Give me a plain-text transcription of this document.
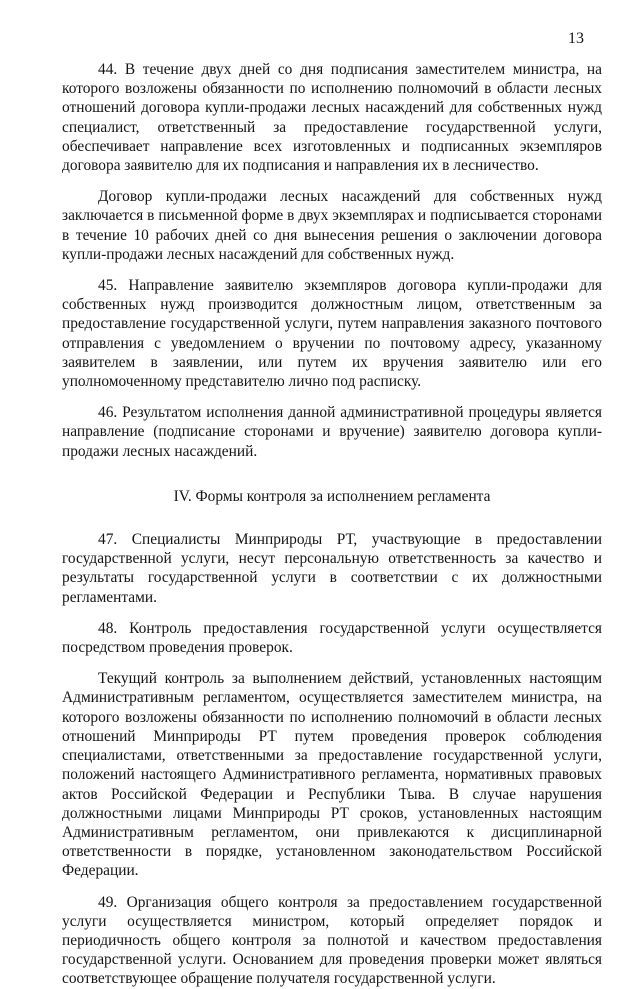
13

44. В течение двух дней со дня подписания заместителем министра, на которого возложены обязанности по исполнению полномочий в области лесных отношений договора купли-продажи лесных насаждений для собственных нужд специалист, ответственный за предоставление государственной услуги, обеспечивает направление всех изготовленных и подписанных экземпляров договора заявителю для их подписания и направления их в лесничество.

Договор купли-продажи лесных насаждений для собственных нужд заключается в письменной форме в двух экземплярах и подписывается сторонами в течение 10 рабочих дней со дня вынесения решения о заключении договора купли-продажи лесных насаждений для собственных нужд.

45. Направление заявителю экземпляров договора купли-продажи для собственных нужд производится должностным лицом, ответственным за предоставление государственной услуги, путем направления заказного почтового отправления с уведомлением о вручении по почтовому адресу, указанному заявителем в заявлении, или путем их вручения заявителю или его уполномоченному представителю лично под расписку.

46. Результатом исполнения данной административной процедуры является направление (подписание сторонами и вручение) заявителю договора купли-продажи лесных насаждений.

IV. Формы контроля за исполнением регламента

47. Специалисты Минприроды РТ, участвующие в предоставлении государственной услуги, несут персональную ответственность за качество и результаты государственной услуги в соответствии с их должностными регламентами.

48. Контроль предоставления государственной услуги осуществляется посредством проведения проверок.

Текущий контроль за выполнением действий, установленных настоящим Административным регламентом, осуществляется заместителем министра, на которого возложены обязанности по исполнению полномочий в области лесных отношений Минприроды РТ путем проведения проверок соблюдения специалистами, ответственными за предоставление государственной услуги, положений настоящего Административного регламента, нормативных правовых актов Российской Федерации и Республики Тыва. В случае нарушения должностными лицами Минприроды РТ сроков, установленных настоящим Административным регламентом, они привлекаются к дисциплинарной ответственности в порядке, установленном законодательством Российской Федерации.

49. Организация общего контроля за предоставлением государственной услуги осуществляется министром, который определяет порядок и периодичность общего контроля за полнотой и качеством предоставления государственной услуги. Основанием для проведения проверки может являться соответствующее обращение получателя государственной услуги.
